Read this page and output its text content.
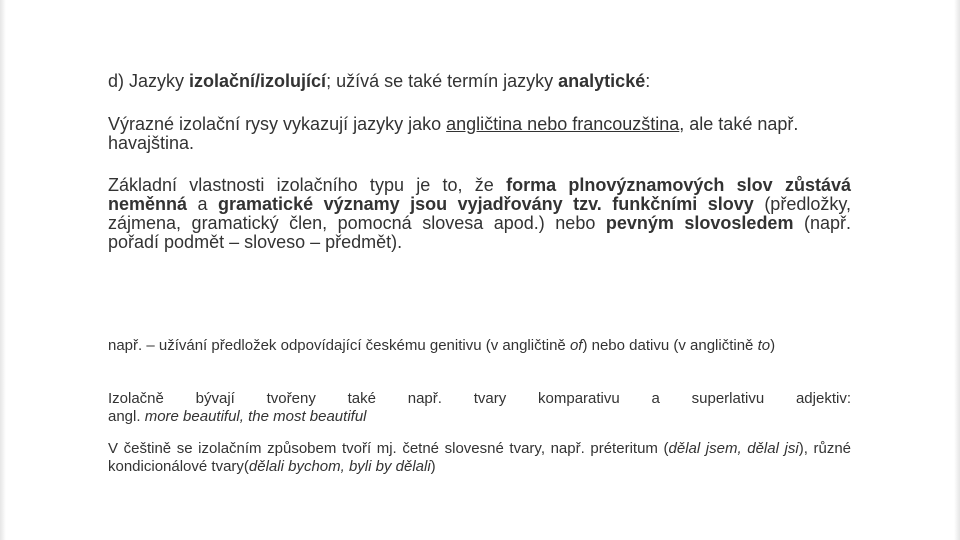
d) Jazyky izolační/izolující; užívá se také termín jazyky analytické:

Výrazné izolační rysy vykazují jazyky jako angličtina nebo francouzština, ale také např. havajština.

Základní vlastnosti izolačního typu je to, že forma plnovýznamových slov zůstává neměnná a gramatické významy jsou vyjadřovány tzv. funkčními slovy (předložky, zájmena, gramatický člen, pomocná slovesa apod.) nebo pevným slovosledem (např. pořadí podmět – sloveso – předmět).

např. – užívání předložek odpovídající českému genitivu (v angličtině of) nebo dativu (v angličtině to)

Izolačně bývají tvořeny také např. tvary komparativu a superlativu adjektiv:
angl. more beautiful, the most beautiful

V češtině se izolačním způsobem tvoří mj. četné slovesné tvary, např. préteritum (dělal jsem, dělal jsi), různé kondicionálové tvary(dělali bychom, byli by dělali)
